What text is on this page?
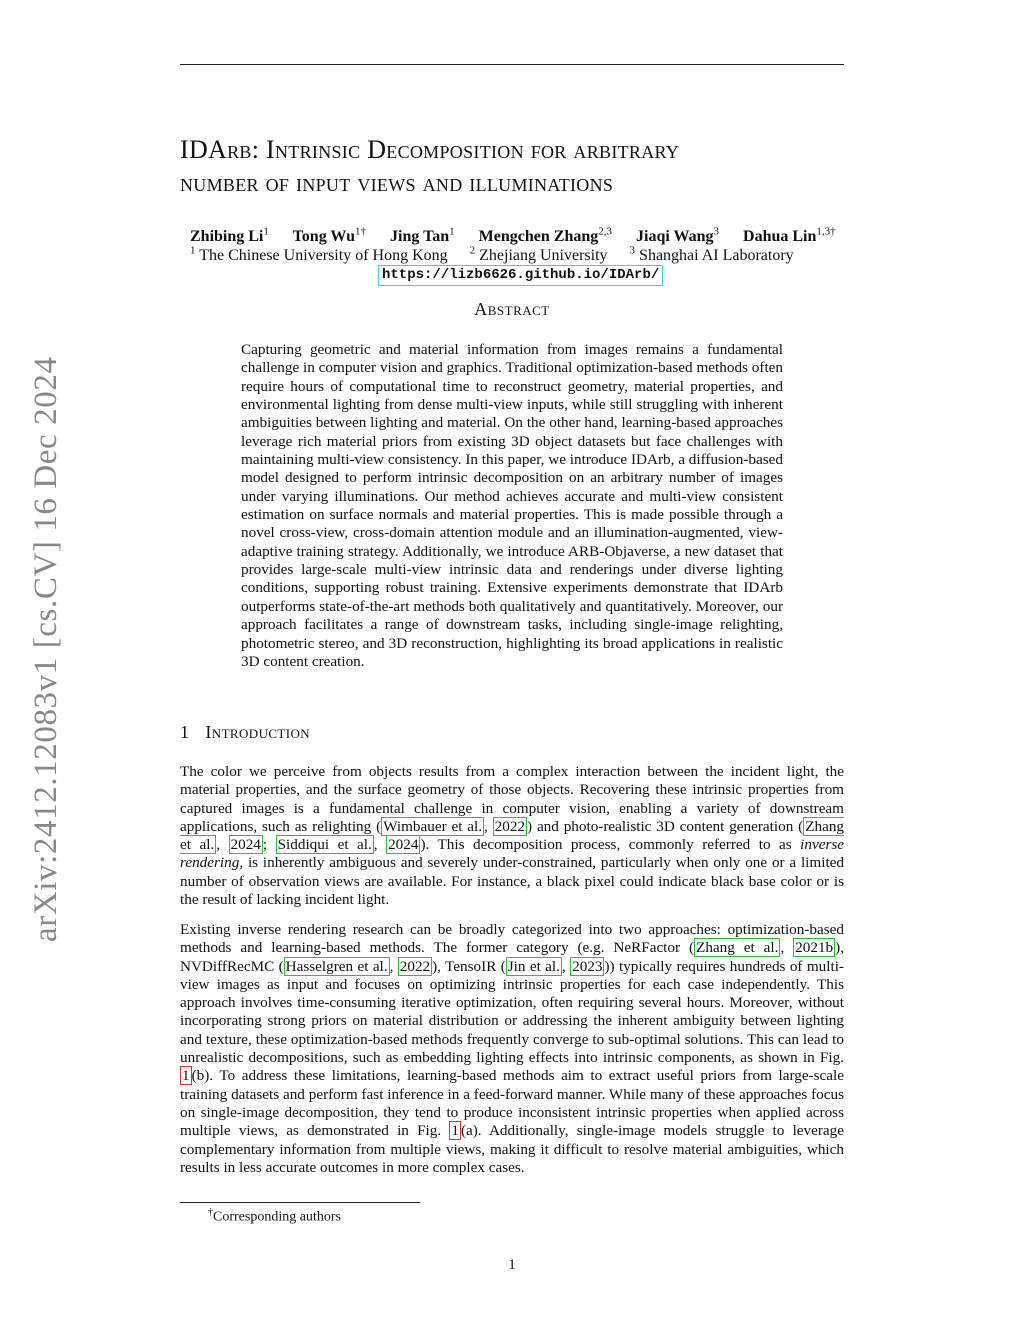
arXiv:2412.12083v1 [cs.CV] 16 Dec 2024
IDArb: Intrinsic Decomposition for arbitrary
number of input views and illuminations
Zhibing Li$^1$ Tong $Wu^{1\dagger}$ Jing Tan$^1$ Mengchen Zhang$^{2,3}$ Jiaqi Wang$^3$ Dahua Lin$^{1,3\dagger}$
$^1$ The Chinese University of Hong Kong $^2$ Zhejiang University $^3$ Shanghai AI Laboratory
https://lizb6626.github.io/IDArb/
Abstract
Capturing geometric and material information from images remains a fundamental challenge in computer vision and graphics. Traditional optimization-based methods often require hours of computational time to reconstruct geometry, material properties, and environmental lighting from dense multi-view inputs, while still struggling with inherent ambiguities between lighting and material. On the other hand, learning-based approaches leverage rich material priors from existing 3D object datasets but face challenges with maintaining multi-view consistency. In this paper, we introduce IDArb, a diffusion-based model designed to perform intrinsic decomposition on an arbitrary number of images under varying illuminations. Our method achieves accurate and multi-view consistent estimation on surface normals and material properties. This is made possible through a novel cross-view, cross-domain attention module and an illumination-augmented, view-adaptive training strategy. Additionally, we introduce ARB-Objaverse, a new dataset that provides large-scale multi-view intrinsic data and renderings under diverse lighting conditions, supporting robust training. Extensive experiments demonstrate that IDArb outperforms state-of-the-art methods both qualitatively and quantitatively. Moreover, our approach facilitates a range of downstream tasks, including single-image relighting, photometric stereo, and 3D reconstruction, highlighting its broad applications in realistic 3D content creation.
1 Introduction
The color we perceive from objects results from a complex interaction between the incident light, the material properties, and the surface geometry of those objects. Recovering these intrinsic properties from captured images is a fundamental challenge in computer vision, enabling a variety of downstream applications, such as relighting ( Wimbauer et al. , 2022 ) and photo-realistic 3D content generation ( Zhang et al. , 2024 ; Siddiqui et al. , 2024 ). This decomposition process, commonly referred to as inverse rendering, is inherently ambiguous and severely under-constrained, particularly when only one or a limited number of observation views are available. For instance, a black pixel could indicate black base color or is the result of lacking incident light.
Existing inverse rendering research can be broadly categorized into two approaches: optimization-based methods and learning-based methods. The former category (e.g. NeRFactor ( Zhang et al. , 2021b ), NVDiffRecMC ( Hasselgren et al. , 2022 ), TensoIR ( Jin et al. , 2023 )) typically requires hundreds of multi-view images as input and focuses on optimizing intrinsic properties for each case independently. This approach involves time-consuming iterative optimization, often requiring several hours. Moreover, without incorporating strong priors on material distribution or addressing the inherent ambiguity between lighting and texture, these optimization-based methods frequently converge to sub-optimal solutions. This can lead to unrealistic decompositions, such as embedding lighting effects into intrinsic components, as shown in Fig. 1 (b). To address these limitations, learning-based methods aim to extract useful priors from large-scale training datasets and perform fast inference in a feed-forward manner. While many of these approaches focus on single-image decomposition, they tend to produce inconsistent intrinsic properties when applied across multiple views, as demonstrated in Fig. 1 (a). Additionally, single-image models struggle to leverage complementary information from multiple views, making it difficult to resolve material ambiguities, which results in less accurate outcomes in more complex cases.
†Corresponding authors
1
